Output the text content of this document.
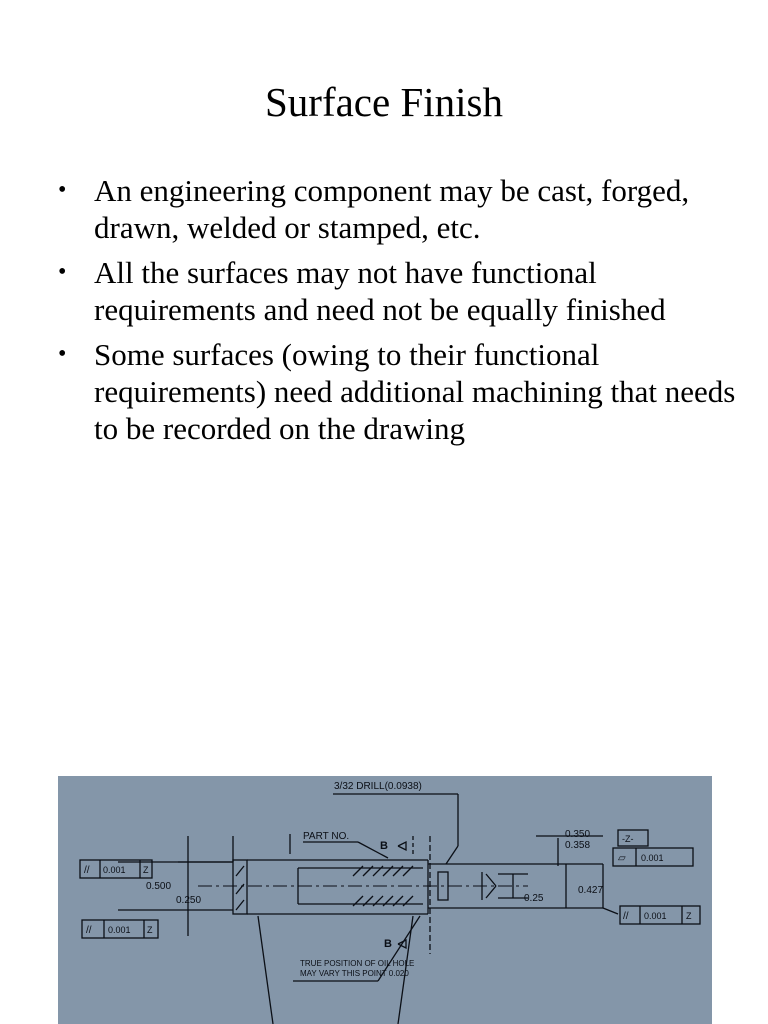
Surface Finish
• An engineering component may be cast, forged, drawn, welded or stamped, etc.
• All the surfaces may not have functional requirements and need not be equally finished
• Some surfaces (owing to their functional requirements) need additional machining that needs to be recorded on the drawing
3/32 DRILL(0.0938)
PART NO.
B
B
0.350
0.358
-Z-
0.500
0.250	0.25
0.427
TRUE POSITION OF OIL HOLE
MAY VARY THIS POINT 0.020
// 0.001 Z
// 0.001 Z
▱ 0.001
// 0.001 Z
